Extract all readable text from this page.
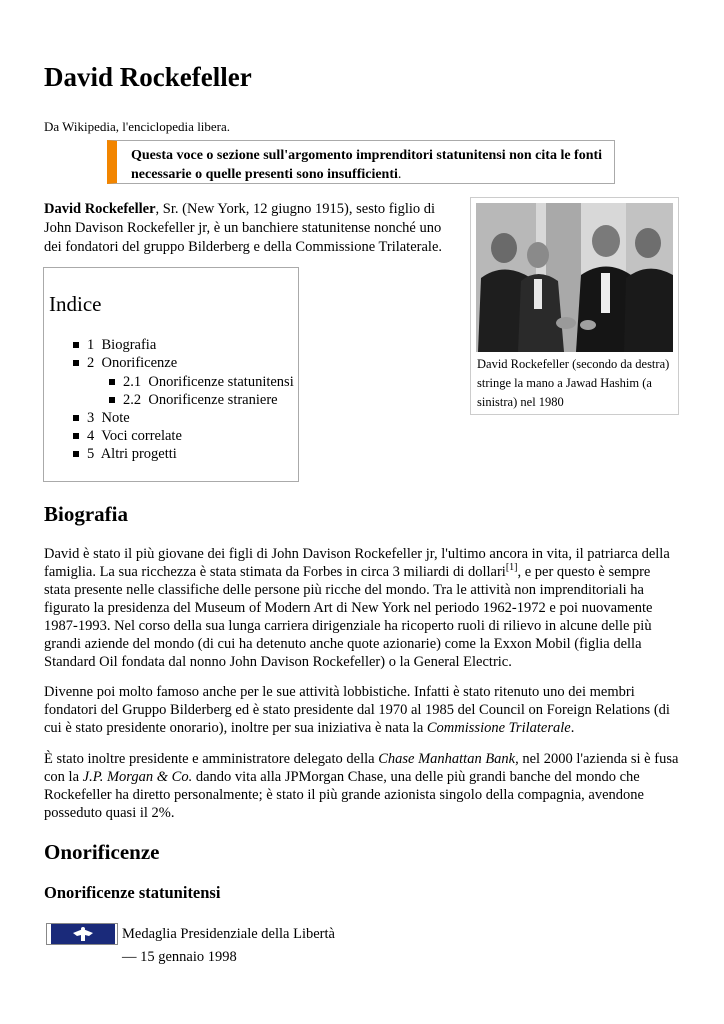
David Rockefeller
Da Wikipedia, l'enciclopedia libera.
Questa voce o sezione sull'argomento imprenditori statunitensi non cita le fonti necessarie o quelle presenti sono insufficienti.
David Rockefeller, Sr. (New York, 12 giugno 1915), sesto figlio di John Davison Rockefeller jr, è un banchiere statunitense nonché uno dei fondatori del gruppo Bilderberg e della Commissione Trilaterale.
David Rockefeller (secondo da destra) stringe la mano a Jawad Hashim (a sinistra) nel 1980
Indice
1 Biografia
2 Onorificenze
2.1 Onorificenze statunitensi
2.2 Onorificenze straniere
3 Note
4 Voci correlate
5 Altri progetti
Biografia

David è stato il più giovane dei figli di John Davison Rockefeller jr, l'ultimo ancora in vita, il patriarca della famiglia. La sua ricchezza è stata stimata da Forbes in circa 3 miliardi di dollari[1], e per questo è sempre stata presente nelle classifiche delle persone più ricche del mondo. Tra le attività non imprenditoriali ha figurato la presidenza del Museum of Modern Art di New York nel periodo 1962-1972 e poi nuovamente 1987-1993. Nel corso della sua lunga carriera dirigenziale ha ricoperto ruoli di rilievo in alcune delle più grandi aziende del mondo (di cui ha detenuto anche quote azionarie) come la Exxon Mobil (figlia della Standard Oil fondata dal nonno John Davison Rockefeller) o la General Electric.

Divenne poi molto famoso anche per le sue attività lobbistiche. Infatti è stato ritenuto uno dei membri fondatori del Gruppo Bilderberg ed è stato presidente dal 1970 al 1985 del Council on Foreign Relations (di cui è stato presidente onorario), inoltre per sua iniziativa è nata la Commissione Trilaterale.

È stato inoltre presidente e amministratore delegato della Chase Manhattan Bank, nel 2000 l'azienda si è fusa con la J.P. Morgan & Co. dando vita alla JPMorgan Chase, una delle più grandi banche del mondo che Rockefeller ha diretto personalmente; è stato il più grande azionista singolo della compagnia, avendone posseduto quasi il 2%.

Onorificenze
Onorificenze statunitensi
Medaglia Presidenziale della Libertà
— 15 gennaio 1998
